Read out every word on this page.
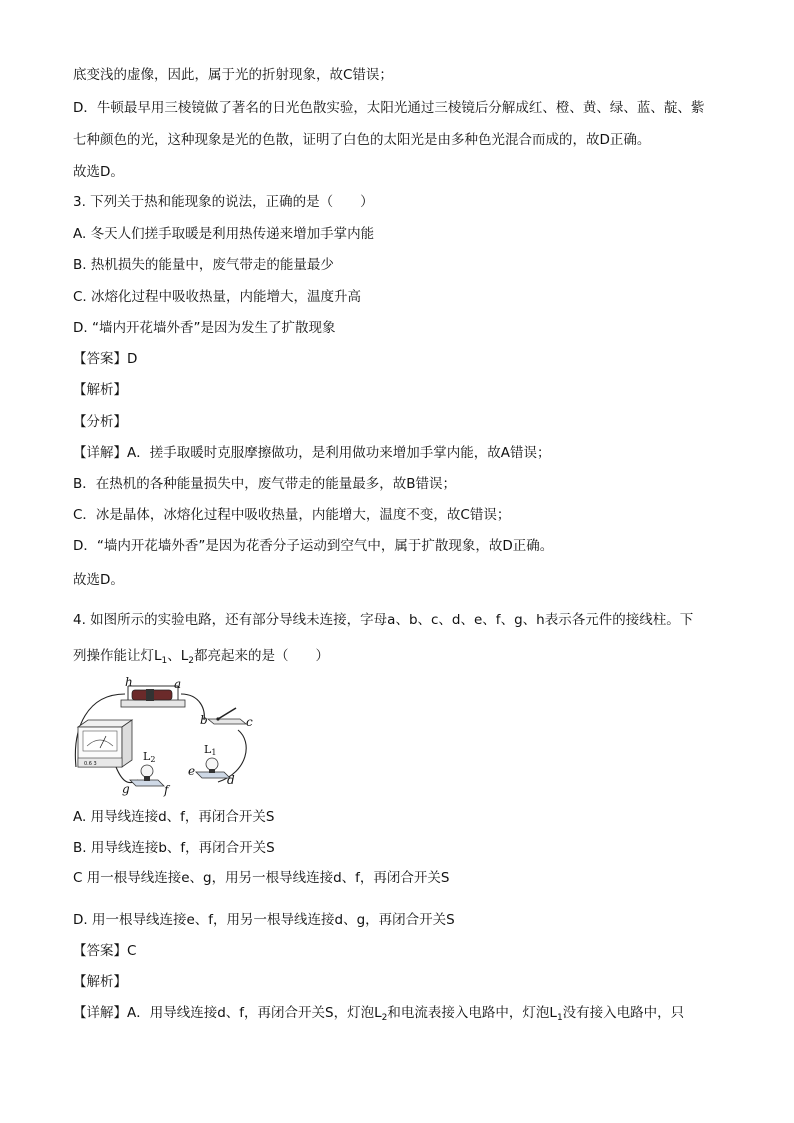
底变浅的虚像，因此，属于光的折射现象，故C错误；
D．牛顿最早用三棱镜做了著名的日光色散实验，太阳光通过三棱镜后分解成红、橙、黄、绿、蓝、靛、紫
七种颜色的光，这种现象是光的色散，证明了白色的太阳光是由多种色光混合而成的，故D正确。
故选D。
3. 下列关于热和能现象的说法，正确的是（　　）
A. 冬天人们搓手取暖是利用热传递来增加手掌内能
B. 热机损失的能量中，废气带走的能量最少
C. 冰熔化过程中吸收热量，内能增大，温度升高
D. “墙内开花墙外香”是因为发生了扩散现象
【答案】D
【解析】
【分析】
【详解】A．搓手取暖时克服摩擦做功，是利用做功来增加手掌内能，故A错误；
B．在热机的各种能量损失中，废气带走的能量最多，故B错误；
C．冰是晶体，冰熔化过程中吸收热量，内能增大，温度不变，故C错误；
D．“墙内开花墙外香”是因为花香分子运动到空气中，属于扩散现象，故D正确。
故选D。
4. 如图所示的实验电路，还有部分导线未连接，字母a、b、c、d、e、f、g、h表示各元件的接线柱。下
列操作能让灯$L_1$、$L_2$都亮起来的是（　　）
0.6 3
h	a
b	c
d
e
f
g
L1
L2
A. 用导线连接d、f，再闭合开关S
B. 用导线连接b、f，再闭合开关S
C 用一根导线连接e、g，用另一根导线连接d、f，再闭合开关S
D. 用一根导线连接e、f，用另一根导线连接d、g，再闭合开关S
【答案】C
【解析】
【详解】A．用导线连接d、f，再闭合开关S，灯泡$L_2$和电流表接入电路中，灯泡$L_1$没有接入电路中，只
